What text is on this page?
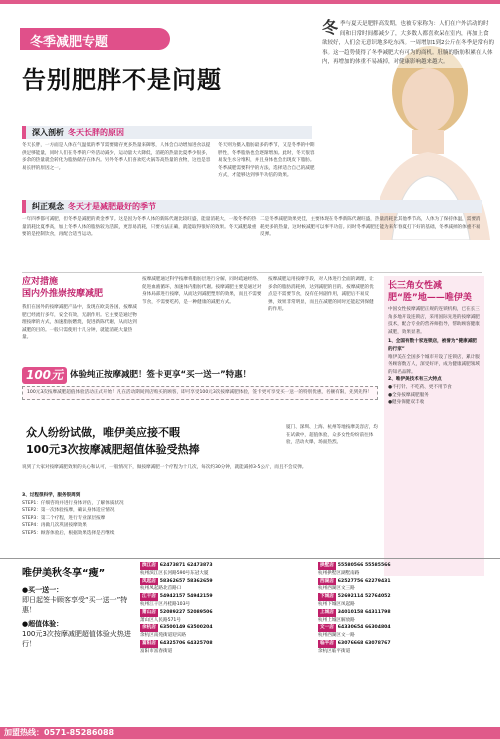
冬 季与夏天是肥胖高发期，也被专家称为：人们在户外活动的时间和日常时间都减少了，大多数人都喜欢呆在室内，再加上食欲较好，人们会无意识地多吃东西。一周增加1到2公斤在冬季是常有的事。这一趋势使得了冬季减肥大有可为的商机。肚腩的脂肪积累在人体内，再增加的体重不易减掉，对健康影响越来越大。
冬季减肥专题
告别肥胖不是问题
深入剖析 冬天长胖的原因
冬天长胖，一方面是人体在气温低的季节需要储存更多热量来御寒，人体会自动增加进食以提供足够能量，同时人们在冬季的户外活动减少，运动量大大降低，消耗的热量比夏季少很多，多余的热量就会转化为脂肪储存在体内。另外冬季人们喜欢吃火锅等高热量的食物，这也是容易长胖的原因之一。
冬天则为摄入脂肪最多的季节，又是冬季的中期胖性，冬季脂肪也会逐渐增加。此时，冬天很容易发生水分堆积，并且身体也会出现皮下脂肪。冬季减肥需要科学的方法，选择适合自己的减肥方式，才能够达到事半功倍的效果。
纠正观念 冬天才是减肥最好的季节
一年四季都可减肥，但冬季是减肥的黄金季节。这是因为冬季人体的新陈代谢比较旺盛，能量消耗大，一般冬季的热量消耗比夏季高，加上冬季人体的脂肪较为活跃，更容易消耗，只要方法正确，就能取得很好的效果。冬天减肥最重要的是控制饮食，再配合适当运动。
二是冬季减肥效果更佳，主要体现在冬季新陈代谢旺盛，热量消耗比其他季节高，人体为了保持体温，需要消耗更多的热量，这时候减肥可以事半功倍。同时冬季减肥还能为来年春夏打下好的基础，冬季减掉的体重不易反弹。
应对措施
国内外推崇按摩减肥
我们在国外的按摩减肥产品中，发现在欧美各国，按摩减肥已经流行多年，安全有效，无副作用。它主要是通过物理按摩的方式，加速脂肪燃烧，促进新陈代谢，从而达到减肥的目的。一般只需使用十几分钟，就能消耗大量热量。
按摩减肥通过科学按摩将脂肪层进行分解，同时疏通经络、促进血液循环，加速体内脂肪代谢。按摩减肥主要是通过对身体局部进行按摩，从而达到减肥塑形的效果，而且不需要节食，不需要吃药，是一种健康的减肥方式。
按摩减肥运用按摩手段，对人体进行全面的调理，让多余的脂肪消耗掉，达到减肥的目的。按摩减肥的优点是不需要节食，没有任何副作用，减肥后不易反弹，效果非常明显，而且在减肥的同时还能起到保健的作用。
长三角女性减肥“胜”地——唯伊美
中国女性按摩减肥正规的连锁机构，已在长三角多地开设连锁店，采用国际先进的按摩减肥技术，配合专业的营养师指导，帮助顾客健康减肥，效果显著。
1、全国有数十家连锁店，被誉为“健康减肥的行家”
唯伊美在全国多个城市开设了连锁店，累计服务顾客数万人，深受好评，成为健康减肥领域的知名品牌。
2、唯伊美技术有三大特点
●不打针、不吃药、更不用节食
●全身按摩减肥服务
●健身保健双丰收
100元 体验纯正按摩减肥！签卡更享“买一送一”特惠！
100元3次按摩减肥超值体验活动正式开始！凡在活动期间到店购买的顾客，即可享受100元3次按摩减肥体验，签卡更可享受买一送一的特别优惠，名额有限，先到先得！
众人纷纷试做，唯伊美应接不暇
100元3次按摩减肥超值体验受热捧
厦门、深圳、上海、杭州等地按摩美容店，均在试做中，超值体验，众多女性纷纷前往体验，活动火爆，场面热烈。
说到了大家对按摩减肥效果的关心和认可，一般情况下，做按摩减肥一个疗程为十几次，每次约30分钟，就能减掉3-5公斤，而且不会反弹。
3、过程很科学，服务很周到
STEP1：仔细咨询并进行身体评估，了解体质状况
STEP2：第一次体验按摩，确认身体适应情况
STEP3：第二个疗程，进行专业深层按摩
STEP4：再做几次巩固按摩效果
STEP5：顾客体验后，根据效果选择是否继续
唯伊美秋冬享“瘦”
●买一送一：
即日起签卡顾客享受“买一送一”特惠！
●超值体验：
100元3次按摩减肥超值体验火热进行！
滨江店 62473871 62473873
杭州滨江区长河路590号东冠大厦
凤起店 58362657 58362659
杭州凤起路北首路口
江干店 54942157 54942159
杭州江干区丹桂路103号
萧山店 52089227 52089506
萧山区人民路571号
余杭店 63500149 63500204
余杭区南苑街道迎宾路
富阳店 64325706 64325708
富阳市富春街道
拱墅店 55580566 55585566
杭州拱墅区湖墅南路
西湖店 62527756 62279431
杭州西湖区文三路
下城店 52692114 52764052
杭州下城区凤起路
上城店 34010158 64311798
杭州上城区解放路
文一店 64330654 66304804
杭州西湖区文一路
临平店 63076668 63078767
余杭区临平街道
加盟热线：0571-85286088
